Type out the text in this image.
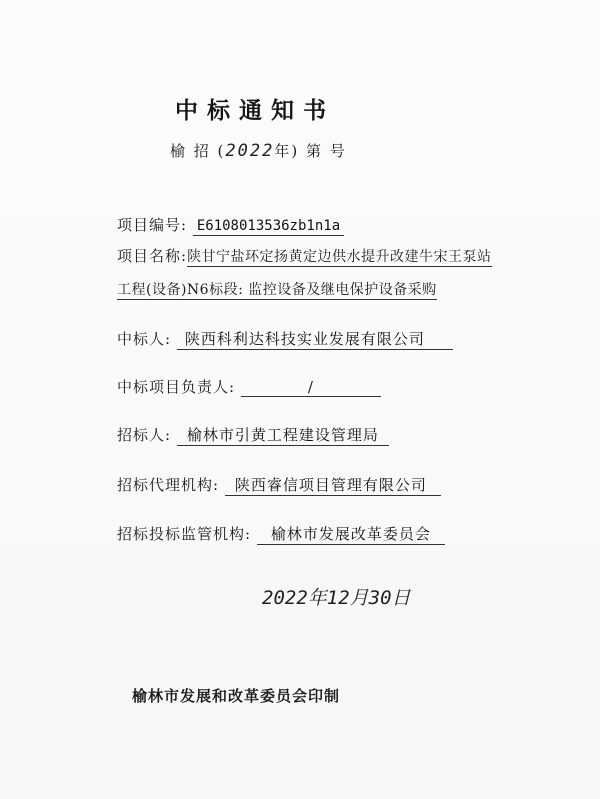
中标通知书
榆 招 (2022年) 第 号
项目编号: E6108013536zb1n1a
项目名称:陕甘宁盐环定扬黄定边供水提升改建牛宋王泵站
工程(设备)N6标段: 监控设备及继电保护设备采购
中标人: 陕西科利达科技实业发展有限公司
中标项目负责人:	/
招标人: 榆林市引黄工程建设管理局
招标代理机构: 陕西睿信项目管理有限公司
招标投标监管机构: 榆林市发展改革委员会
2022年12月30日
榆林市发展和改革委员会印制
